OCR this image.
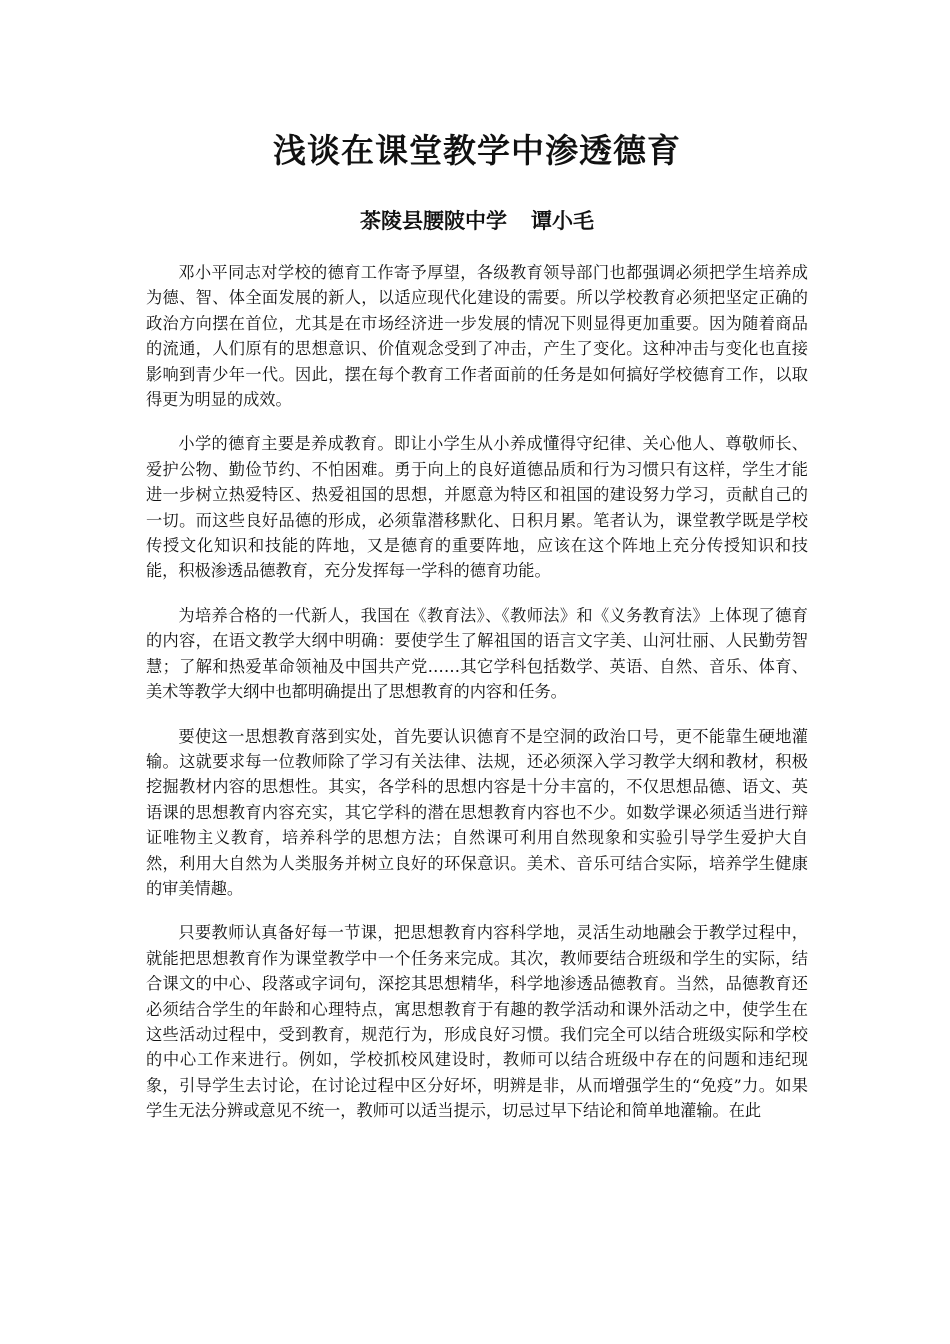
浅谈在课堂教学中渗透德育
茶陵县腰陂中学 谭小毛

邓小平同志对学校的德育工作寄予厚望，各级教育领导部门也都强调必须把学生培养成为德、智、体全面发展的新人，以适应现代化建设的需要。所以学校教育必须把坚定正确的政治方向摆在首位，尤其是在市场经济进一步发展的情况下则显得更加重要。因为随着商品的流通，人们原有的思想意识、价值观念受到了冲击，产生了变化。这种冲击与变化也直接影响到青少年一代。因此，摆在每个教育工作者面前的任务是如何搞好学校德育工作，以取得更为明显的成效。

小学的德育主要是养成教育。即让小学生从小养成懂得守纪律、关心他人、尊敬师长、爱护公物、勤俭节约、不怕困难。勇于向上的良好道德品质和行为习惯只有这样，学生才能进一步树立热爱特区、热爱祖国的思想，并愿意为特区和祖国的建设努力学习，贡献自己的一切。而这些良好品德的形成，必须靠潜移默化、日积月累。笔者认为，课堂教学既是学校传授文化知识和技能的阵地，又是德育的重要阵地，应该在这个阵地上充分传授知识和技能，积极渗透品德教育，充分发挥每一学科的德育功能。

为培养合格的一代新人，我国在《教育法》、《教师法》和《义务教育法》上体现了德育的内容，在语文教学大纲中明确：要使学生了解祖国的语言文字美、山河壮丽、人民勤劳智慧；了解和热爱革命领袖及中国共产党……其它学科包括数学、英语、自然、音乐、体育、美术等教学大纲中也都明确提出了思想教育的内容和任务。

要使这一思想教育落到实处，首先要认识德育不是空洞的政治口号，更不能靠生硬地灌输。这就要求每一位教师除了学习有关法律、法规，还必须深入学习教学大纲和教材，积极挖掘教材内容的思想性。其实，各学科的思想内容是十分丰富的，不仅思想品德、语文、英语课的思想教育内容充实，其它学科的潜在思想教育内容也不少。如数学课必须适当进行辩证唯物主义教育，培养科学的思想方法；自然课可利用自然现象和实验引导学生爱护大自然，利用大自然为人类服务并树立良好的环保意识。美术、音乐可结合实际，培养学生健康的审美情趣。

只要教师认真备好每一节课，把思想教育内容科学地，灵活生动地融会于教学过程中，就能把思想教育作为课堂教学中一个任务来完成。其次，教师要结合班级和学生的实际，结合课文的中心、段落或字词句，深挖其思想精华，科学地渗透品德教育。当然，品德教育还必须结合学生的年龄和心理特点，寓思想教育于有趣的教学活动和课外活动之中，使学生在这些活动过程中，受到教育，规范行为，形成良好习惯。我们完全可以结合班级实际和学校的中心工作来进行。例如，学校抓校风建设时，教师可以结合班级中存在的问题和违纪现象，引导学生去讨论，在讨论过程中区分好坏，明辨是非，从而增强学生的“免疫”力。如果学生无法分辨或意见不统一，教师可以适当提示，切忌过早下结论和简单地灌输。在此
